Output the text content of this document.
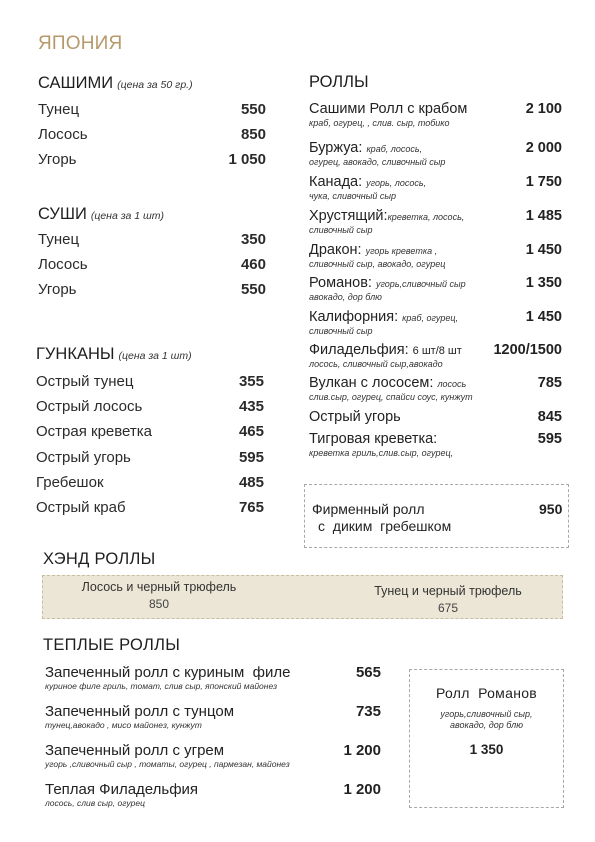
ЯПОНИЯ
САШИМИ (цена за 50 гр.)
Тунец	550
Лосось	850
Угорь	1 050
СУШИ (цена за 1 шт)
Тунец	350
Лосось	460
Угорь	550
ГУНКАНЫ (цена за 1 шт)
Острый тунец	355
Острый лосось	435
Острая креветка	465
Острый угорь	595
Гребешок	485
Острый краб	765
РОЛЛЫ
Сашими Ролл с крабом	2 100
краб, огурец, , слив. сыр, тобико
Буржуа: краб, лосось,	2 000
огурец, авокадо, сливочный сыр
Канада: угорь, лосось,	1 750
чука, сливочный сыр
Хрустящий:креветка, лосось,	1 485
сливочный сыр
Дракон: угорь креветка ,	1 450
сливочный сыр, авокадо, огурец
Романов: угорь,сливочный сыр	1 350
авокадо, дор блю
Калифорния: краб, огурец,	1 450
сливочный сыр
Филадельфия: 6 шт/8 шт 1200/1500
лосось, сливочный сыр,авокадо
Вулкан с лососем: лосось	785
слив.сыр, огурец, спайси соус, кунжут
Острый угорь	845
Тигровая креветка:	595
креветка гриль,слив.сыр, огурец,
Фирменный ролл
с  диким  гребешком
950
ХЭНД РОЛЛЫ
Лосось и черный трюфель
850
Тунец и черный трюфель
675
ТЕПЛЫЕ РОЛЛЫ
Запеченный ролл с куриным  филе	565
куриное филе гриль, томат, слив сыр, японский майонез
Запеченный ролл с тунцом	735
тунец,авокадо , мисо майонез, кунжут
Запеченный ролл с угрем	1 200
угорь ,сливочный сыр , томаты, огурец , пармезан, майонез
Теплая Филадельфия	1 200
лосось, слив сыр, огурец
Ролл  Романов
угорь,сливочный сыр,
авокадо, дор блю
1 350
